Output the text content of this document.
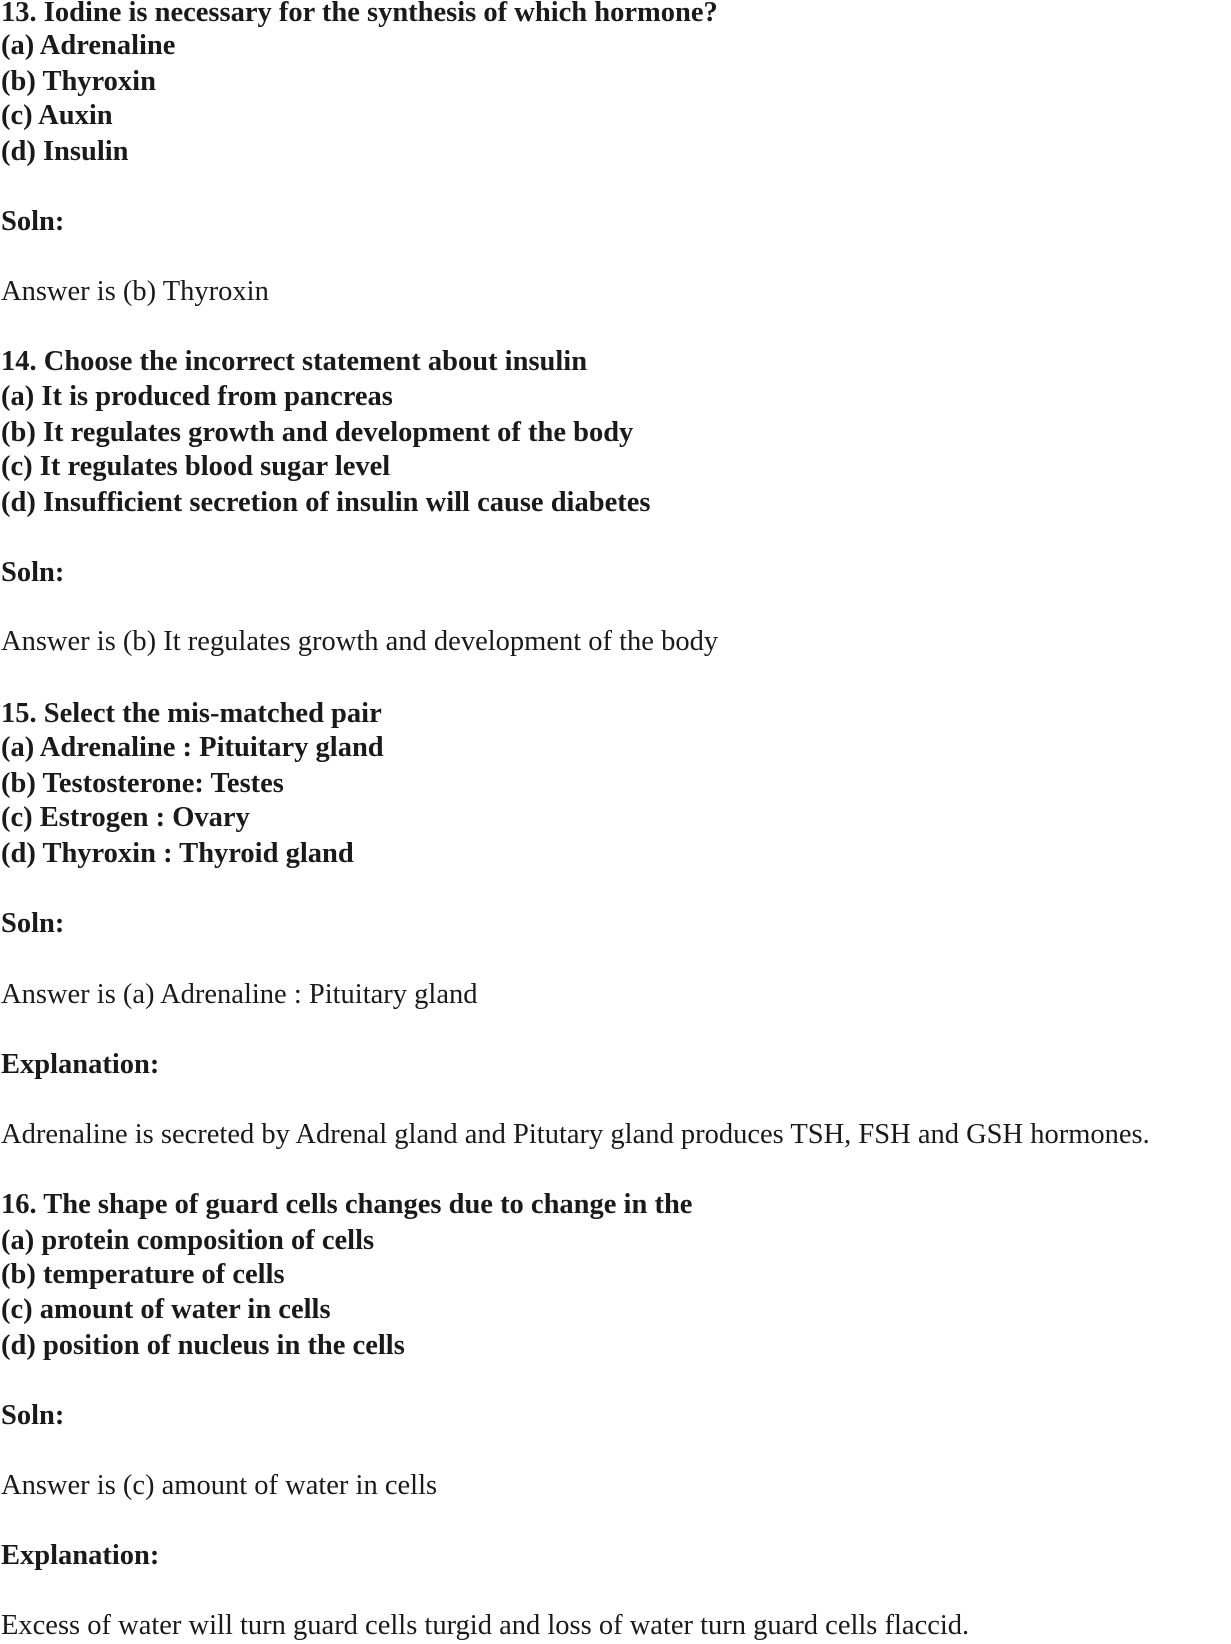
13. Iodine is necessary for the synthesis of which hormone?
(a) Adrenaline
(b) Thyroxin
(c) Auxin
(d) Insulin
Soln:
Answer is (b) Thyroxin
14. Choose the incorrect statement about insulin
(a) It is produced from pancreas
(b) It regulates growth and development of the body
(c) It regulates blood sugar level
(d) Insufficient secretion of insulin will cause diabetes
Soln:
Answer is (b) It regulates growth and development of the body
15. Select the mis-matched pair
(a) Adrenaline : Pituitary gland
(b) Testosterone: Testes
(c) Estrogen : Ovary
(d) Thyroxin : Thyroid gland
Soln:
Answer is (a) Adrenaline : Pituitary gland
Explanation:
Adrenaline is secreted by Adrenal gland and Pitutary gland produces TSH, FSH and GSH hormones.
16. The shape of guard cells changes due to change in the
(a) protein composition of cells
(b) temperature of cells
(c) amount of water in cells
(d) position of nucleus in the cells
Soln:
Answer is (c) amount of water in cells
Explanation:
Excess of water will turn guard cells turgid and loss of water turn guard cells flaccid.
